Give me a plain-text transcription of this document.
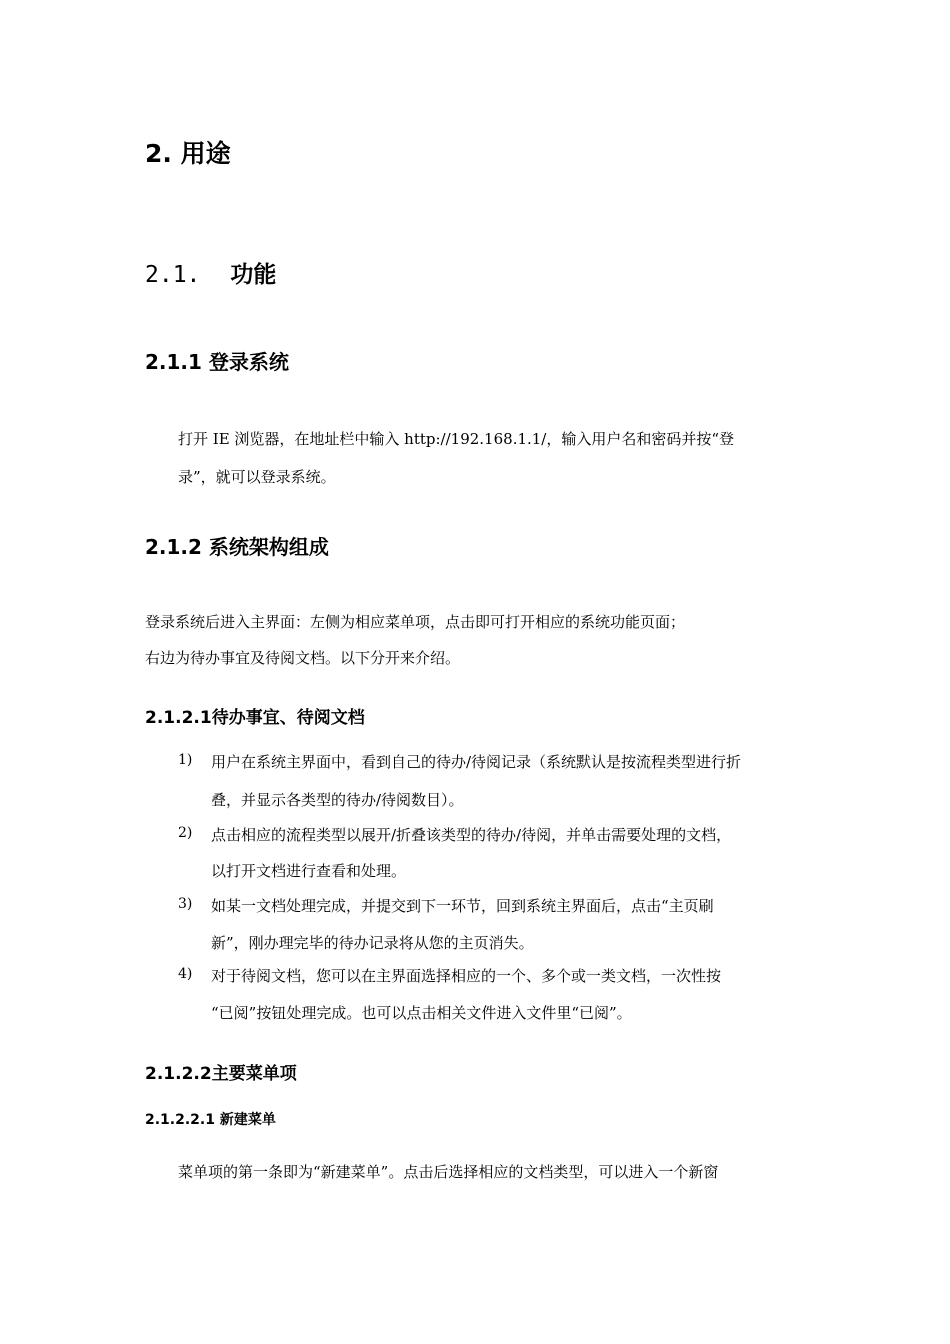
2. 用途
2.1. 功能
2.1.1 登录系统
打开 IE 浏览器，在地址栏中输入 http://192.168.1.1/，输入用户名和密码并按“登
录”，就可以登录系统。
2.1.2 系统架构组成
登录系统后进入主界面：左侧为相应菜单项，点击即可打开相应的系统功能页面；
右边为待办事宜及待阅文档。以下分开来介绍。
2.1.2.1待办事宜、待阅文档
1) 用户在系统主界面中，看到自己的待办/待阅记录（系统默认是按流程类型进行折
叠，并显示各类型的待办/待阅数目）。
2) 点击相应的流程类型以展开/折叠该类型的待办/待阅，并单击需要处理的文档，
以打开文档进行查看和处理。
3) 如某一文档处理完成，并提交到下一环节，回到系统主界面后，点击“主页刷
新”，刚办理完毕的待办记录将从您的主页消失。
4) 对于待阅文档，您可以在主界面选择相应的一个、多个或一类文档，一次性按
“已阅”按钮处理完成。也可以点击相关文件进入文件里“已阅”。
2.1.2.2主要菜单项
2.1.2.2.1 新建菜单
菜单项的第一条即为“新建菜单”。点击后选择相应的文档类型，可以进入一个新窗
